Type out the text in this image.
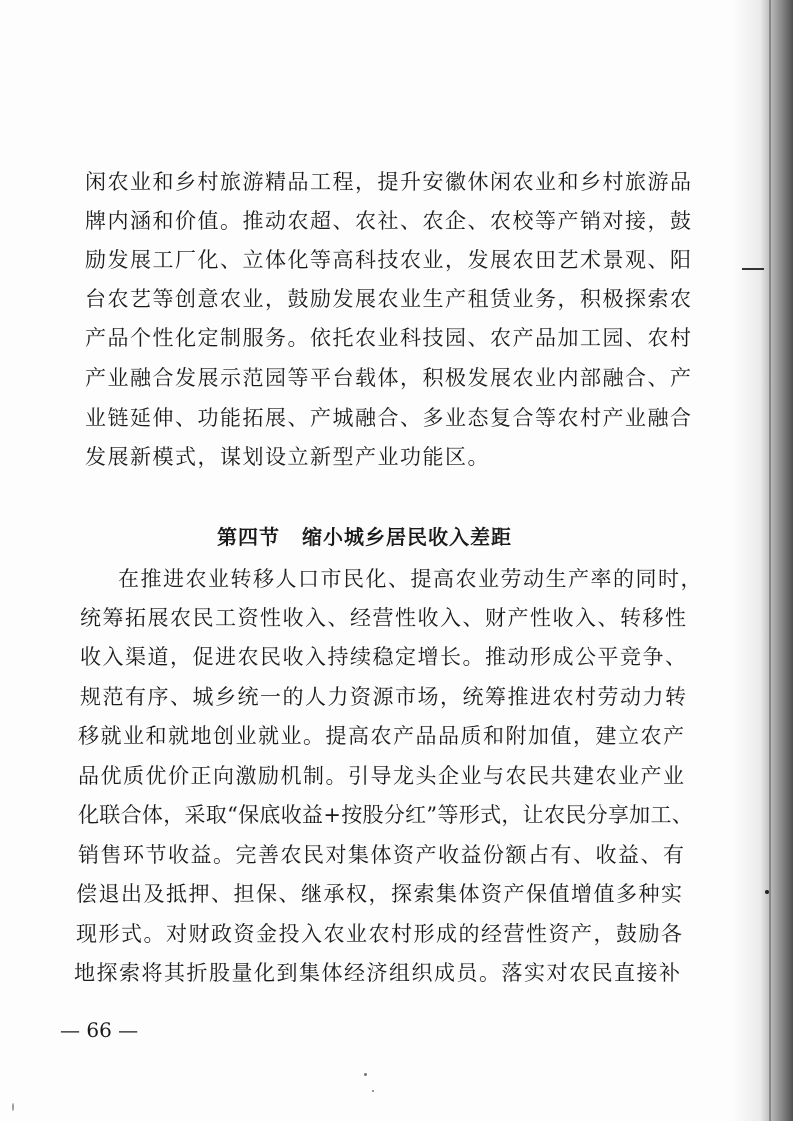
闲农业和乡村旅游精品工程，提升安徽休闲农业和乡村旅游品
牌内涵和价值。推动农超、农社、农企、农校等产销对接，鼓
励发展工厂化、立体化等高科技农业，发展农田艺术景观、阳
台农艺等创意农业，鼓励发展农业生产租赁业务，积极探索农
产品个性化定制服务。依托农业科技园、农产品加工园、农村
产业融合发展示范园等平台载体，积极发展农业内部融合、产
业链延伸、功能拓展、产城融合、多业态复合等农村产业融合
发展新模式，谋划设立新型产业功能区。
第四节 缩小城乡居民收入差距
在推进农业转移人口市民化、提高农业劳动生产率的同时，
统筹拓展农民工资性收入、经营性收入、财产性收入、转移性
收入渠道，促进农民收入持续稳定增长。推动形成公平竞争、
规范有序、城乡统一的人力资源市场，统筹推进农村劳动力转
移就业和就地创业就业。提高农产品品质和附加值，建立农产
品优质优价正向激励机制。引导龙头企业与农民共建农业产业
化联合体，采取“保底收益+按股分红”等形式，让农民分享加工、
销售环节收益。完善农民对集体资产收益份额占有、收益、有
偿退出及抵押、担保、继承权，探索集体资产保值增值多种实
现形式。对财政资金投入农业农村形成的经营性资产，鼓励各
地探索将其折股量化到集体经济组织成员。落实对农民直接补
— 66 —
